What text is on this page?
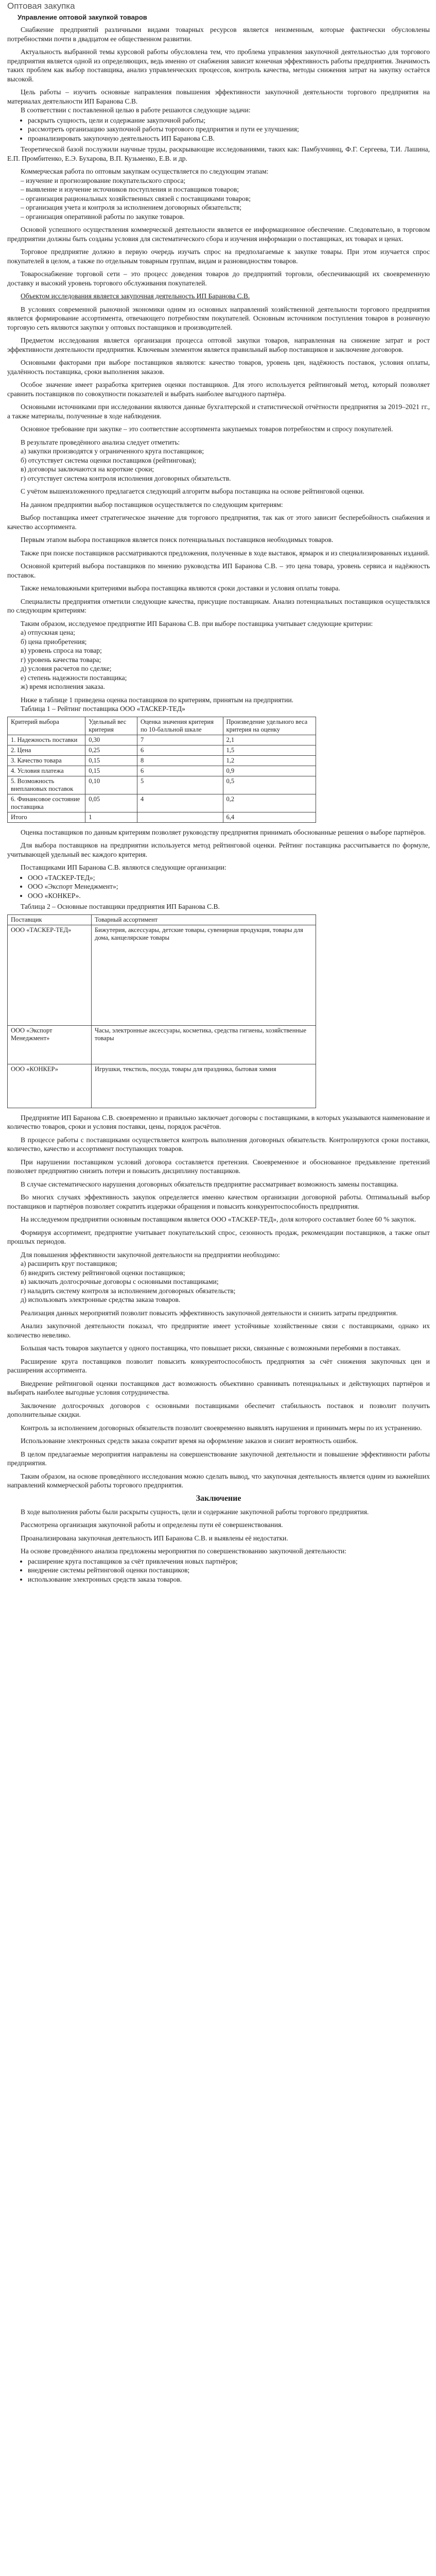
Оптовая закупка
Управление оптовой закупкой товаров

Снабжение предприятий различными видами товарных ресурсов является неизменным, которые фактически обусловлены потребностями почти в двадцатом ее общественном развитии.

Актуальность выбранной темы курсовой работы обусловлена тем, что проблема управления закупочной деятельностью для торгового предприятия является одной из определяющих, ведь именно от снабжения зависит конечная эффективность работы предприятия. Значимость таких проблем как выбор поставщика, анализ управленческих процессов, контроль качества, методы снижения затрат на закупку остаётся высокой.

Цель работы – изучить основные направления повышения эффективности закупочной деятельности торгового предприятия на материалах деятельности ИП Баранова С.В.

В соответствии с поставленной целью в работе решаются следующие задачи:

• раскрыть сущность, цели и содержание закупочной работы;
• рассмотреть организацию закупочной работы торгового предприятия и пути ее улучшения;
• проанализировать закупочную деятельность ИП Баранова С.В.

Теоретической базой послужили научные труды, раскрывающие исследованиями, таких как: Памбухчиянц, Ф.Г. Сергеева, Т.И. Лашина, Е.П. Промбитенко, Е.Э. Бухарова, В.П. Кузьменко, Е.В. и др.

Коммерческая работа по оптовым закупкам осуществляется по следующим этапам:

– изучение и прогнозирование покупательского спроса;

– выявление и изучение источников поступления и поставщиков товаров;

– организация рациональных хозяйственных связей с поставщиками товаров;

– организация учета и контроля за исполнением договорных обязательств;

– организация оперативной работы по закупке товаров.

Основой успешного осуществления коммерческой деятельности является ее информационное обеспечение. Следовательно, в торговом предприятии должны быть созданы условия для систематического сбора и изучения информации о поставщиках, их товарах и ценах.

Торговое предприятие должно в первую очередь изучать спрос на предполагаемые к закупке товары. При этом изучается спрос покупателей в целом, а также по отдельным товарным группам, видам и разновидностям товаров.

Товароснабжение торговой сети – это процесс доведения товаров до предприятий торговли, обеспечивающий их своевременную доставку и высокий уровень торгового обслуживания покупателей.

Объектом исследования является закупочная деятельность ИП Баранова С.В.

В условиях современной рыночной экономики одним из основных направлений хозяйственной деятельности торгового предприятия является формирование ассортимента, отвечающего потребностям покупателей. Основным источником поступления товаров в розничную торговую сеть являются закупки у оптовых поставщиков и производителей.

Предметом исследования является организация процесса оптовой закупки товаров, направленная на снижение затрат и рост эффективности деятельности предприятия. Ключевым элементом является правильный выбор поставщиков и заключение договоров.

Основными факторами при выборе поставщиков являются: качество товаров, уровень цен, надёжность поставок, условия оплаты, удалённость поставщика, сроки выполнения заказов.

Особое значение имеет разработка критериев оценки поставщиков. Для этого используется рейтинговый метод, который позволяет сравнить поставщиков по совокупности показателей и выбрать наиболее выгодного партнёра.

Основными источниками при исследовании являются данные бухгалтерской и статистической отчётности предприятия за 2019–2021 гг., а также материалы, полученные в ходе наблюдения.

Основное требование при закупке – это соответствие ассортимента закупаемых товаров потребностям и спросу покупателей.

В результате проведённого анализа следует отметить:

а) закупки производятся у ограниченного круга поставщиков;

б) отсутствует система оценки поставщиков (рейтинговая);

в) договоры заключаются на короткие сроки;

г) отсутствует система контроля исполнения договорных обязательств.

С учётом вышеизложенного предлагается следующий алгоритм выбора поставщика на основе рейтинговой оценки.

На данном предприятии выбор поставщиков осуществляется по следующим критериям:

Выбор поставщика имеет стратегическое значение для торгового предприятия, так как от этого зависит бесперебойность снабжения и качество ассортимента.

Первым этапом выбора поставщиков является поиск потенциальных поставщиков необходимых товаров.

Также при поиске поставщиков рассматриваются предложения, полученные в ходе выставок, ярмарок и из специализированных изданий.

Основной критерий выбора поставщиков по мнению руководства ИП Баранова С.В. – это цена товара, уровень сервиса и надёжность поставок.

Также немаловажными критериями выбора поставщика являются сроки доставки и условия оплаты товара.

Специалисты предприятия отметили следующие качества, присущие поставщикам. Анализ потенциальных поставщиков осуществлялся по следующим критериям:

Таким образом, исследуемое предприятие ИП Баранова С.В. при выборе поставщика учитывает следующие критерии:

а) отпускная цена;

б) цена приобретения;

в) уровень спроса на товар;

г) уровень качества товара;

д) условия расчетов по сделке;

е) степень надежности поставщика;

ж) время исполнения заказа.

Ниже в таблице 1 приведена оценка поставщиков по критериям, принятым на предприятии.

Таблица 1 – Рейтинг поставщика ООО «ТАСКЕР-ТЕД»

Критерий выбора	Удельный вес критерия	Оценка значения критерия по 10-балльной шкале	Произведение удельного веса критерия на оценку
1. Надежность поставки	0,30	7	2,1
2. Цена	0,25	6	1,5
3. Качество товара	0,15	8	1,2
4. Условия платежа	0,15	6	0,9
5. Возможность внеплановых поставок	0,10	5	0,5
6. Финансовое состояние поставщика	0,05	4	0,2
Итого	1		6,4

Оценка поставщиков по данным критериям позволяет руководству предприятия принимать обоснованные решения о выборе партнёров.

Для выбора поставщиков на предприятии используется метод рейтинговой оценки. Рейтинг поставщика рассчитывается по формуле, учитывающей удельный вес каждого критерия.

Поставщиками ИП Баранова С.В. являются следующие организации:

• ООО «ТАСКЕР-ТЕД»;
• ООО «Экспорт Менеджмент»;
• ООО «КОНКЕР».

Таблица 2 – Основные поставщики предприятия ИП Баранова С.В.

Поставщик	Товарный ассортимент
ООО «ТАСКЕР-ТЕД»	Бижутерия, аксессуары, детские товары, сувенирная продукция, товары для дома, канцелярские товары
ООО «Экспорт Менеджмент»	Часы, электронные аксессуары, косметика, средства гигиены, хозяйственные товары
ООО «КОНКЕР»	Игрушки, текстиль, посуда, товары для праздника, бытовая химия

Предприятие ИП Баранова С.В. своевременно и правильно заключает договоры с поставщиками, в которых указываются наименование и количество товаров, сроки и условия поставки, цены, порядок расчётов.

В процессе работы с поставщиками осуществляется контроль выполнения договорных обязательств. Контролируются сроки поставки, количество, качество и ассортимент поступающих товаров.

При нарушении поставщиком условий договора составляется претензия. Своевременное и обоснованное предъявление претензий позволяет предприятию снизить потери и повысить дисциплину поставщиков.

В случае систематического нарушения договорных обязательств предприятие рассматривает возможность замены поставщика.

Во многих случаях эффективность закупок определяется именно качеством организации договорной работы. Оптимальный выбор поставщиков и партнёров позволяет сократить издержки обращения и повысить конкурентоспособность предприятия.

На исследуемом предприятии основным поставщиком является ООО «ТАСКЕР-ТЕД», доля которого составляет более 60 % закупок.

Формируя ассортимент, предприятие учитывает покупательский спрос, сезонность продаж, рекомендации поставщиков, а также опыт прошлых периодов.

Для повышения эффективности закупочной деятельности на предприятии необходимо:

а) расширить круг поставщиков;

б) внедрить систему рейтинговой оценки поставщиков;

в) заключать долгосрочные договоры с основными поставщиками;

г) наладить систему контроля за исполнением договорных обязательств;

д) использовать электронные средства заказа товаров.

Реализация данных мероприятий позволит повысить эффективность закупочной деятельности и снизить затраты предприятия.

Анализ закупочной деятельности показал, что предприятие имеет устойчивые хозяйственные связи с поставщиками, однако их количество невелико.

Большая часть товаров закупается у одного поставщика, что повышает риски, связанные с возможными перебоями в поставках.

Расширение круга поставщиков позволит повысить конкурентоспособность предприятия за счёт снижения закупочных цен и расширения ассортимента.

Внедрение рейтинговой оценки поставщиков даст возможность объективно сравнивать потенциальных и действующих партнёров и выбирать наиболее выгодные условия сотрудничества.

Заключение долгосрочных договоров с основными поставщиками обеспечит стабильность поставок и позволит получить дополнительные скидки.

Контроль за исполнением договорных обязательств позволит своевременно выявлять нарушения и принимать меры по их устранению.

Использование электронных средств заказа сократит время на оформление заказов и снизит вероятность ошибок.

В целом предлагаемые мероприятия направлены на совершенствование закупочной деятельности и повышение эффективности работы предприятия.

Таким образом, на основе проведённого исследования можно сделать вывод, что закупочная деятельность является одним из важнейших направлений коммерческой работы торгового предприятия.

Заключение

В ходе выполнения работы были раскрыты сущность, цели и содержание закупочной работы торгового предприятия.

Рассмотрена организация закупочной работы и определены пути её совершенствования.

Проанализирована закупочная деятельность ИП Баранова С.В. и выявлены её недостатки.

На основе проведённого анализа предложены мероприятия по совершенствованию закупочной деятельности:

• расширение круга поставщиков за счёт привлечения новых партнёров;
• внедрение системы рейтинговой оценки поставщиков;
• использование электронных средств заказа товаров.
